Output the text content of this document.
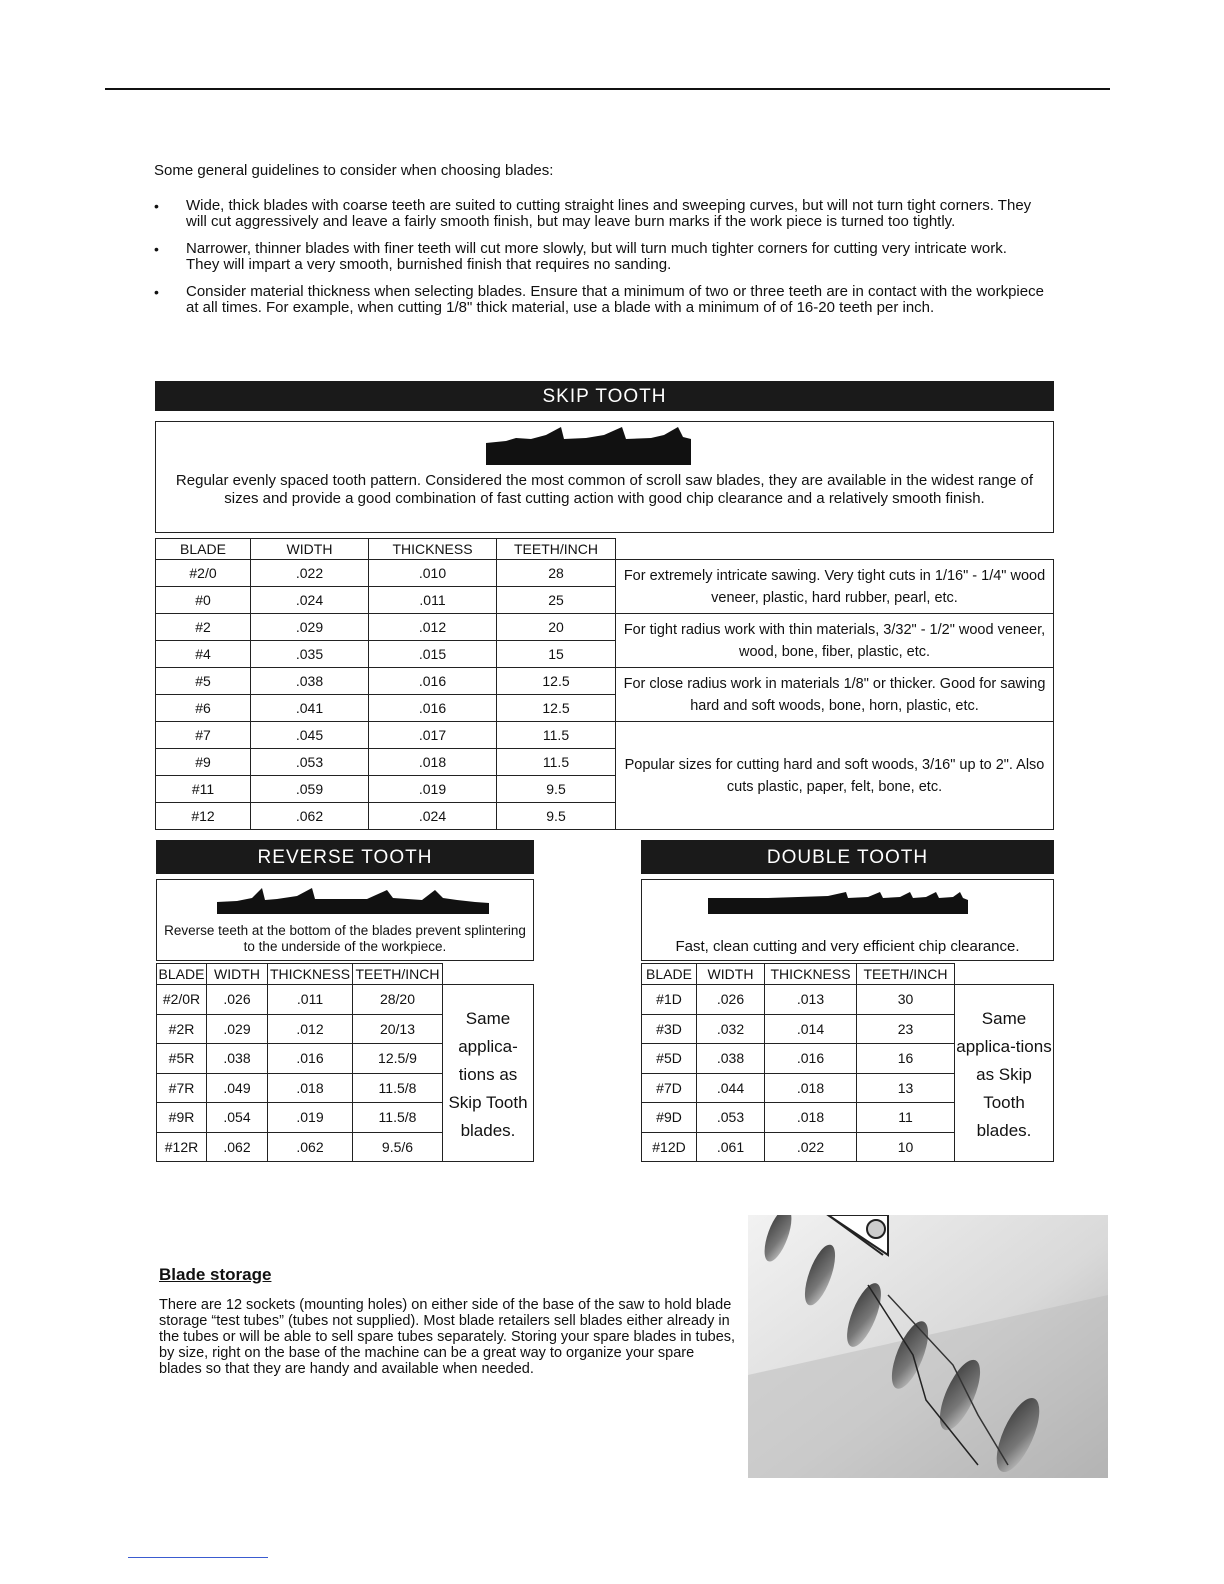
Some general guidelines to consider when choosing blades:

• Wide, thick blades with coarse teeth are suited to cutting straight lines and sweeping curves, but will not turn tight corners. They will cut aggressively and leave a fairly smooth finish, but may leave burn marks if the work piece is turned too tightly.
• Narrower, thinner blades with finer teeth will cut more slowly, but will turn much tighter corners for cutting very intricate work. They will impart a very smooth, burnished finish that requires no sanding.
• Consider material thickness when selecting blades. Ensure that a minimum of two or three teeth are in contact with the workpiece at all times. For example, when cutting 1/8" thick material, use a blade with a minimum of of 16-20 teeth per inch.
SKIP TOOTH
Regular evenly spaced tooth pattern. Considered the most common of scroll saw blades, they are available in the widest range of sizes and provide a good combination of fast cutting action with good chip clearance and a relatively smooth finish.
BLADE	WIDTH	THICKNESS	TEETH/INCH	
#2/0	.022	.010	28	For extremely intricate sawing. Very tight cuts in 1/16" - 1/4" wood veneer, plastic, hard rubber, pearl, etc.
#0	.024	.011	25	
#2	.029	.012	20	For tight radius work with thin materials, 3/32" - 1/2" wood veneer, wood, bone, fiber, plastic, etc.
#4	.035	.015	15	
#5	.038	.016	12.5	For close radius work in materials 1/8" or thicker. Good for sawing hard and soft woods, bone, horn, plastic, etc.
#6	.041	.016	12.5	
#7	.045	.017	11.5	Popular sizes for cutting hard and soft woods, 3/16" up to 2". Also cuts plastic, paper, felt, bone, etc.
#9	.053	.018	11.5	
#11	.059	.019	9.5	
#12	.062	.024	9.5	
REVERSE TOOTH
Reverse teeth at the bottom of the blades prevent splintering to the underside of the workpiece.
BLADE	WIDTH	THICKNESS	TEETH/INCH	
#2/0R	.026	.011	28/20	Same applica-tions as Skip Tooth blades.
#2R	.029	.012	20/13	
#5R	.038	.016	12.5/9	
#7R	.049	.018	11.5/8	
#9R	.054	.019	11.5/8	
#12R	.062	.062	9.5/6	
DOUBLE TOOTH
Fast, clean cutting and very efficient chip clearance.
BLADE	WIDTH	THICKNESS	TEETH/INCH	
#1D	.026	.013	30	Same applica-tions as Skip Tooth blades.
#3D	.032	.014	23	
#5D	.038	.016	16	
#7D	.044	.018	13	
#9D	.053	.018	11	
#12D	.061	.022	10	
Blade storage

There are 12 sockets (mounting holes) on either side of the base of the saw to hold blade storage “test tubes” (tubes not supplied). Most blade retailers sell blades either already in the tubes or will be able to sell spare tubes separately. Storing your spare blades in tubes, by size, right on the base of the machine can be a great way to organize your spare blades so that they are handy and available when needed.
